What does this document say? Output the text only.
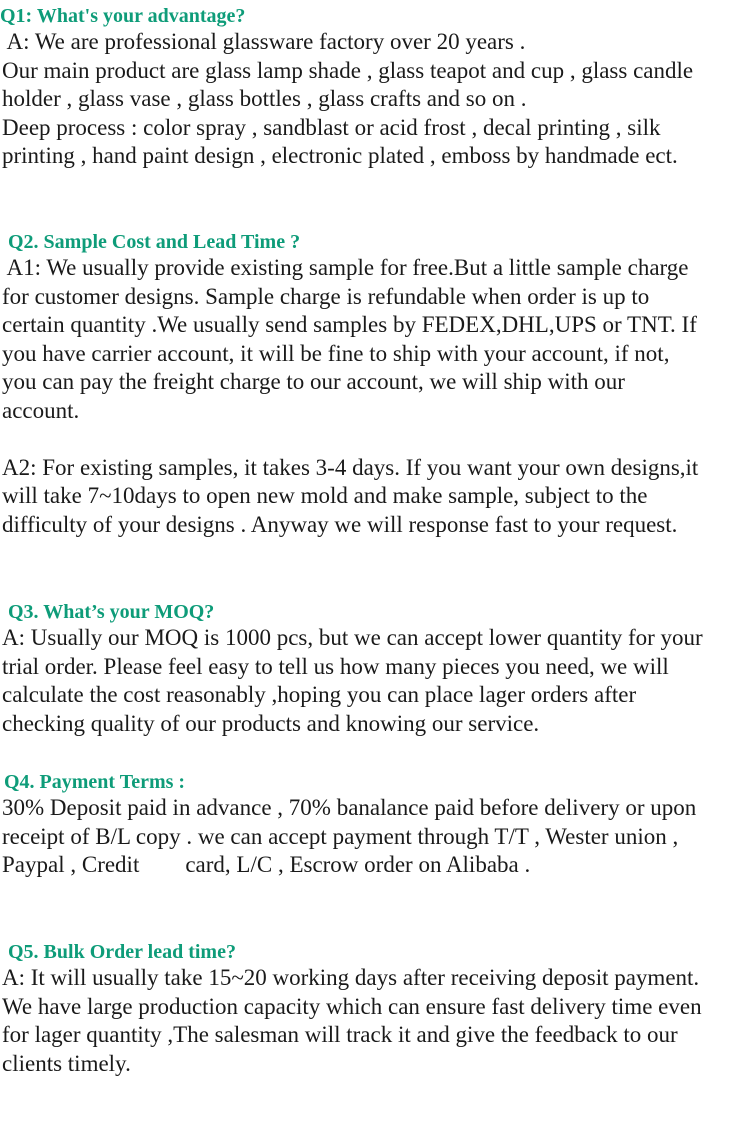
Q1: What's your advantage?

A: We are professional glassware factory over 20 years .

Our main product are glass lamp shade , glass teapot and cup , glass candle

holder , glass vase , glass bottles , glass crafts and so on .

Deep process : color spray , sandblast or acid frost , decal printing , silk

printing , hand paint design , electronic plated , emboss by handmade ect.

Q2. Sample Cost and Lead Time ?

A1: We usually provide existing sample for free.But a little sample charge

for customer designs. Sample charge is refundable when order is up to

certain quantity .We usually send samples by FEDEX,DHL,UPS or TNT. If

you have carrier account, it will be fine to ship with your account, if not,

you can pay the freight charge to our account, we will ship with our

account.

A2: For existing samples, it takes 3-4 days. If you want your own designs,it

will take 7~10days to open new mold and make sample, subject to the

difficulty of your designs . Anyway we will response fast to your request.

Q3. What’s your MOQ?

A: Usually our MOQ is 1000 pcs, but we can accept lower quantity for your

trial order. Please feel easy to tell us how many pieces you need, we will

calculate the cost reasonably ,hoping you can place lager orders after

checking quality of our products and knowing our service.

Q4. Payment Terms :

30% Deposit paid in advance , 70% banalance paid before delivery or upon

receipt of B/L copy . we can accept payment through T/T , Wester union ,

Paypal , Credit        card, L/C , Escrow order on Alibaba .

Q5. Bulk Order lead time?

A: It will usually take 15~20 working days after receiving deposit payment.

We have large production capacity which can ensure fast delivery time even

for lager quantity ,The salesman will track it and give the feedback to our

clients timely.
